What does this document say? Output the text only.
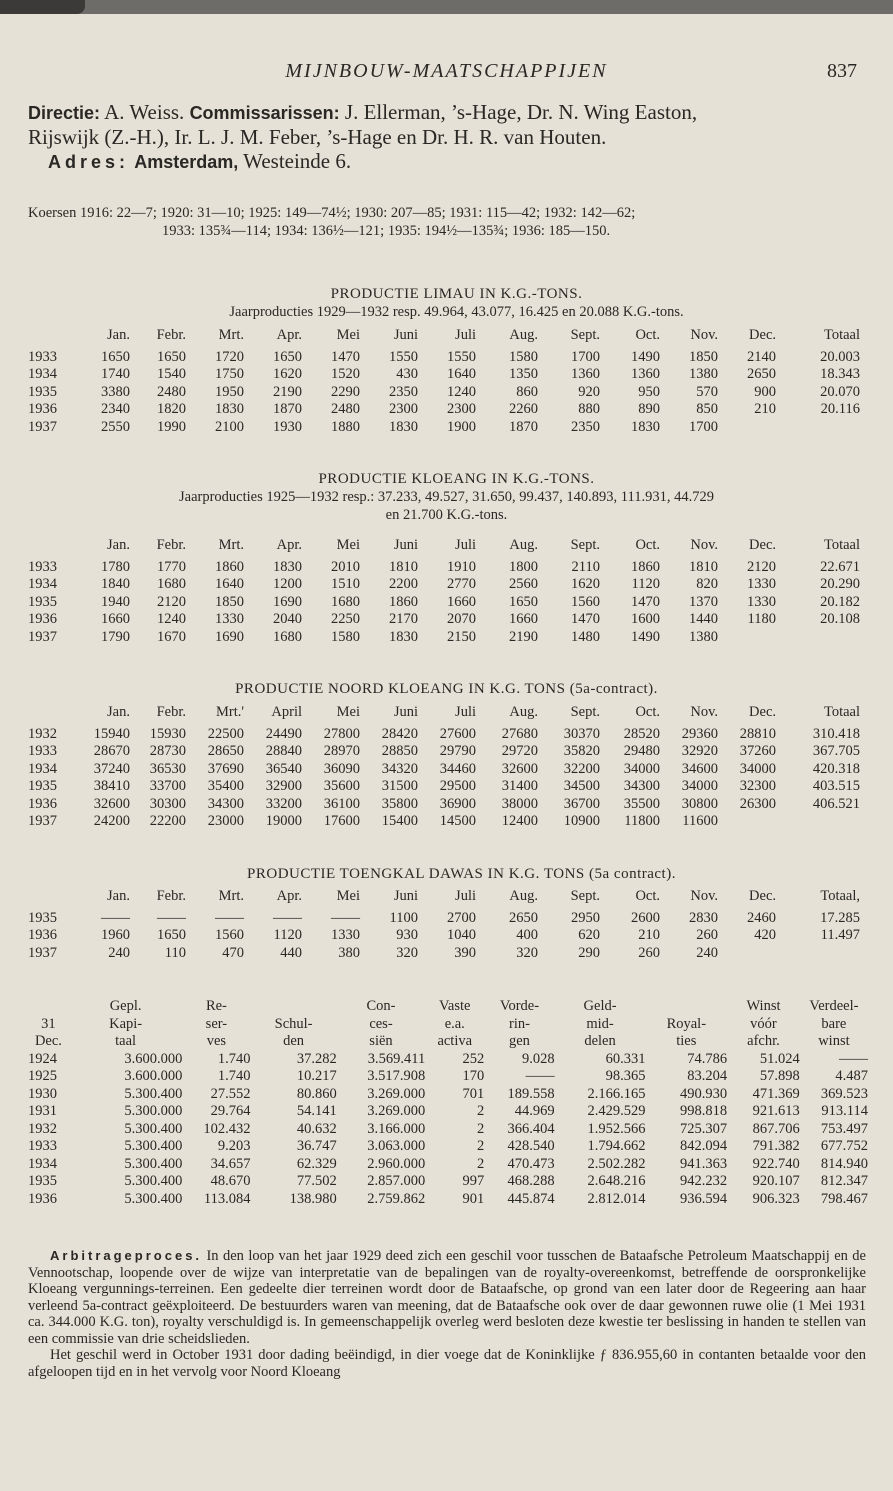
MIJNBOUW-MAATSCHAPPIJEN	837
Directie: A. Weiss. Commissarissen: J. Ellerman, ’s-Hage, Dr. N. Wing Easton,
Rijswijk (Z.-H.), Ir. L. J. M. Feber, ’s-Hage en Dr. H. R. van Houten.
Adres: Amsterdam, Westeinde 6.
Koersen 1916: 22—7; 1920: 31—10; 1925: 149—74½; 1930: 207—85; 1931: 115—42; 1932: 142—62;
1933: 135¾—114; 1934: 136½—121; 1935: 194½—135¾; 1936: 185—150.
PRODUCTIE LIMAU IN K.G.-TONS.
Jaarproducties 1929—1932 resp. 49.964, 43.077, 16.425 en 20.088 K.G.-tons.
	Jan.	Febr.	Mrt.	Apr.	Mei	Juni	Juli	Aug.	Sept.	Oct.	Nov.	Dec.	Totaal
1933	1650	1650	1720	1650	1470	1550	1550	1580	1700	1490	1850	2140	20.003
1934	1740	1540	1750	1620	1520	430	1640	1350	1360	1360	1380	2650	18.343
1935	3380	2480	1950	2190	2290	2350	1240	860	920	950	570	900	20.070
1936	2340	1820	1830	1870	2480	2300	2300	2260	880	890	850	210	20.116
1937	2550	1990	2100	1930	1880	1830	1900	1870	2350	1830	1700		
PRODUCTIE KLOEANG IN K.G.-TONS.
Jaarproducties 1925—1932 resp.: 37.233, 49.527, 31.650, 99.437, 140.893, 111.931, 44.729
en 21.700 K.G.-tons.
	Jan.	Febr.	Mrt.	Apr.	Mei	Juni	Juli	Aug.	Sept.	Oct.	Nov.	Dec.	Totaal
1933	1780	1770	1860	1830	2010	1810	1910	1800	2110	1860	1810	2120	22.671
1934	1840	1680	1640	1200	1510	2200	2770	2560	1620	1120	820	1330	20.290
1935	1940	2120	1850	1690	1680	1860	1660	1650	1560	1470	1370	1330	20.182
1936	1660	1240	1330	2040	2250	2170	2070	1660	1470	1600	1440	1180	20.108
1937	1790	1670	1690	1680	1580	1830	2150	2190	1480	1490	1380		
PRODUCTIE NOORD KLOEANG IN K.G. TONS (5a-contract).
	Jan.	Febr.	Mrt.'	April	Mei	Juni	Juli	Aug.	Sept.	Oct.	Nov.	Dec.	Totaal
1932	15940	15930	22500	24490	27800	28420	27600	27680	30370	28520	29360	28810	310.418
1933	28670	28730	28650	28840	28970	28850	29790	29720	35820	29480	32920	37260	367.705
1934	37240	36530	37690	36540	36090	34320	34460	32600	32200	34000	34600	34000	420.318
1935	38410	33700	35400	32900	35600	31500	29500	31400	34500	34300	34000	32300	403.515
1936	32600	30300	34300	33200	36100	35800	36900	38000	36700	35500	30800	26300	406.521
1937	24200	22200	23000	19000	17600	15400	14500	12400	10900	11800	11600		
PRODUCTIE TOENGKAL DAWAS IN K.G. TONS (5a contract).
	Jan.	Febr.	Mrt.	Apr.	Mei	Juni	Juli	Aug.	Sept.	Oct.	Nov.	Dec.	Totaal,
1935	——	——	——	——	——	1100	2700	2650	2950	2600	2830	2460	17.285
1936	1960	1650	1560	1120	1330	930	1040	400	620	210	260	420	11.497
1937	240	110	470	440	380	320	390	320	290	260	240		
	Gepl.	Re-		Con-	Vaste	Vorde-	Geld-		Winst	Verdeel-
31	Kapi-	ser-	Schul-	ces-	e.a.	rin-	mid-	Royal-	vóór	bare
Dec.	taal	ves	den	siën	activa	gen	delen	ties	afchr.	winst
1924	3.600.000	1.740	37.282	3.569.411	252	9.028	60.331	74.786	51.024	——
1925	3.600.000	1.740	10.217	3.517.908	170	——	98.365	83.204	57.898	4.487
1930	5.300.400	27.552	80.860	3.269.000	701	189.558	2.166.165	490.930	471.369	369.523
1931	5.300.000	29.764	54.141	3.269.000	2	44.969	2.429.529	998.818	921.613	913.114
1932	5.300.400	102.432	40.632	3.166.000	2	366.404	1.952.566	725.307	867.706	753.497
1933	5.300.400	9.203	36.747	3.063.000	2	428.540	1.794.662	842.094	791.382	677.752
1934	5.300.400	34.657	62.329	2.960.000	2	470.473	2.502.282	941.363	922.740	814.940
1935	5.300.400	48.670	77.502	2.857.000	997	468.288	2.648.216	942.232	920.107	812.347
1936	5.300.400	113.084	138.980	2.759.862	901	445.874	2.812.014	936.594	906.323	798.467

Arbitrageproces. In den loop van het jaar 1929 deed zich een geschil voor tusschen de Bataafsche Petroleum Maatschappij en de Vennootschap, loopende over de wijze van interpretatie van de bepalingen van de royalty-overeenkomst, betreffende de oorspronkelijke Kloeang vergunnings-terreinen. Een gedeelte dier terreinen wordt door de Bataafsche, op grond van een later door de Regeering aan haar verleend 5a-contract geëxploiteerd. De bestuurders waren van meening, dat de Bataafsche ook over de daar gewonnen ruwe olie (1 Mei 1931 ca. 344.000 K.G. ton), royalty verschuldigd is. In gemeenschappelijk overleg werd besloten deze kwestie ter beslissing in handen te stellen van een commissie van drie scheidslieden.

Het geschil werd in October 1931 door dading beëindigd, in dier voege dat de Koninklijke ƒ 836.955,60 in contanten betaalde voor den afgeloopen tijd en in het vervolg voor Noord Kloeang
